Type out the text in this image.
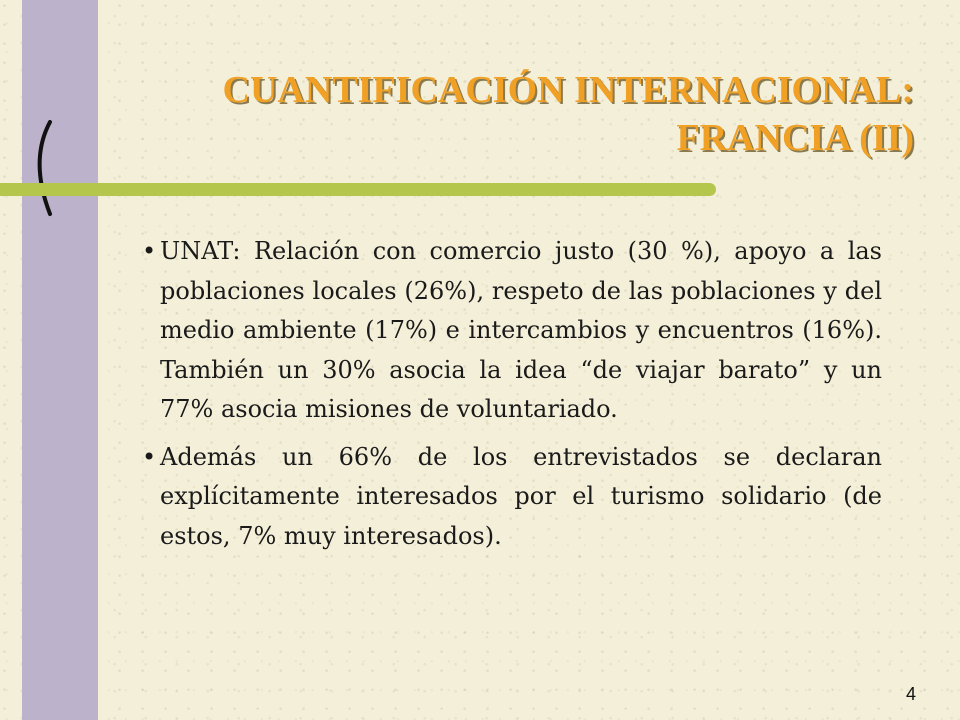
CUANTIFICACIÓN INTERNACIONAL:
FRANCIA (II)
• UNAT: Relación con comercio justo (30 %), apoyo a las poblaciones locales (26%), respeto de las poblaciones y del medio ambiente (17%) e intercambios y encuentros (16%). También un 30% asocia la idea “de viajar barato” y un 77% asocia misiones de voluntariado.
• Además un 66% de los entrevistados se declaran explícitamente interesados por el turismo solidario (de estos, 7% muy interesados).
4
